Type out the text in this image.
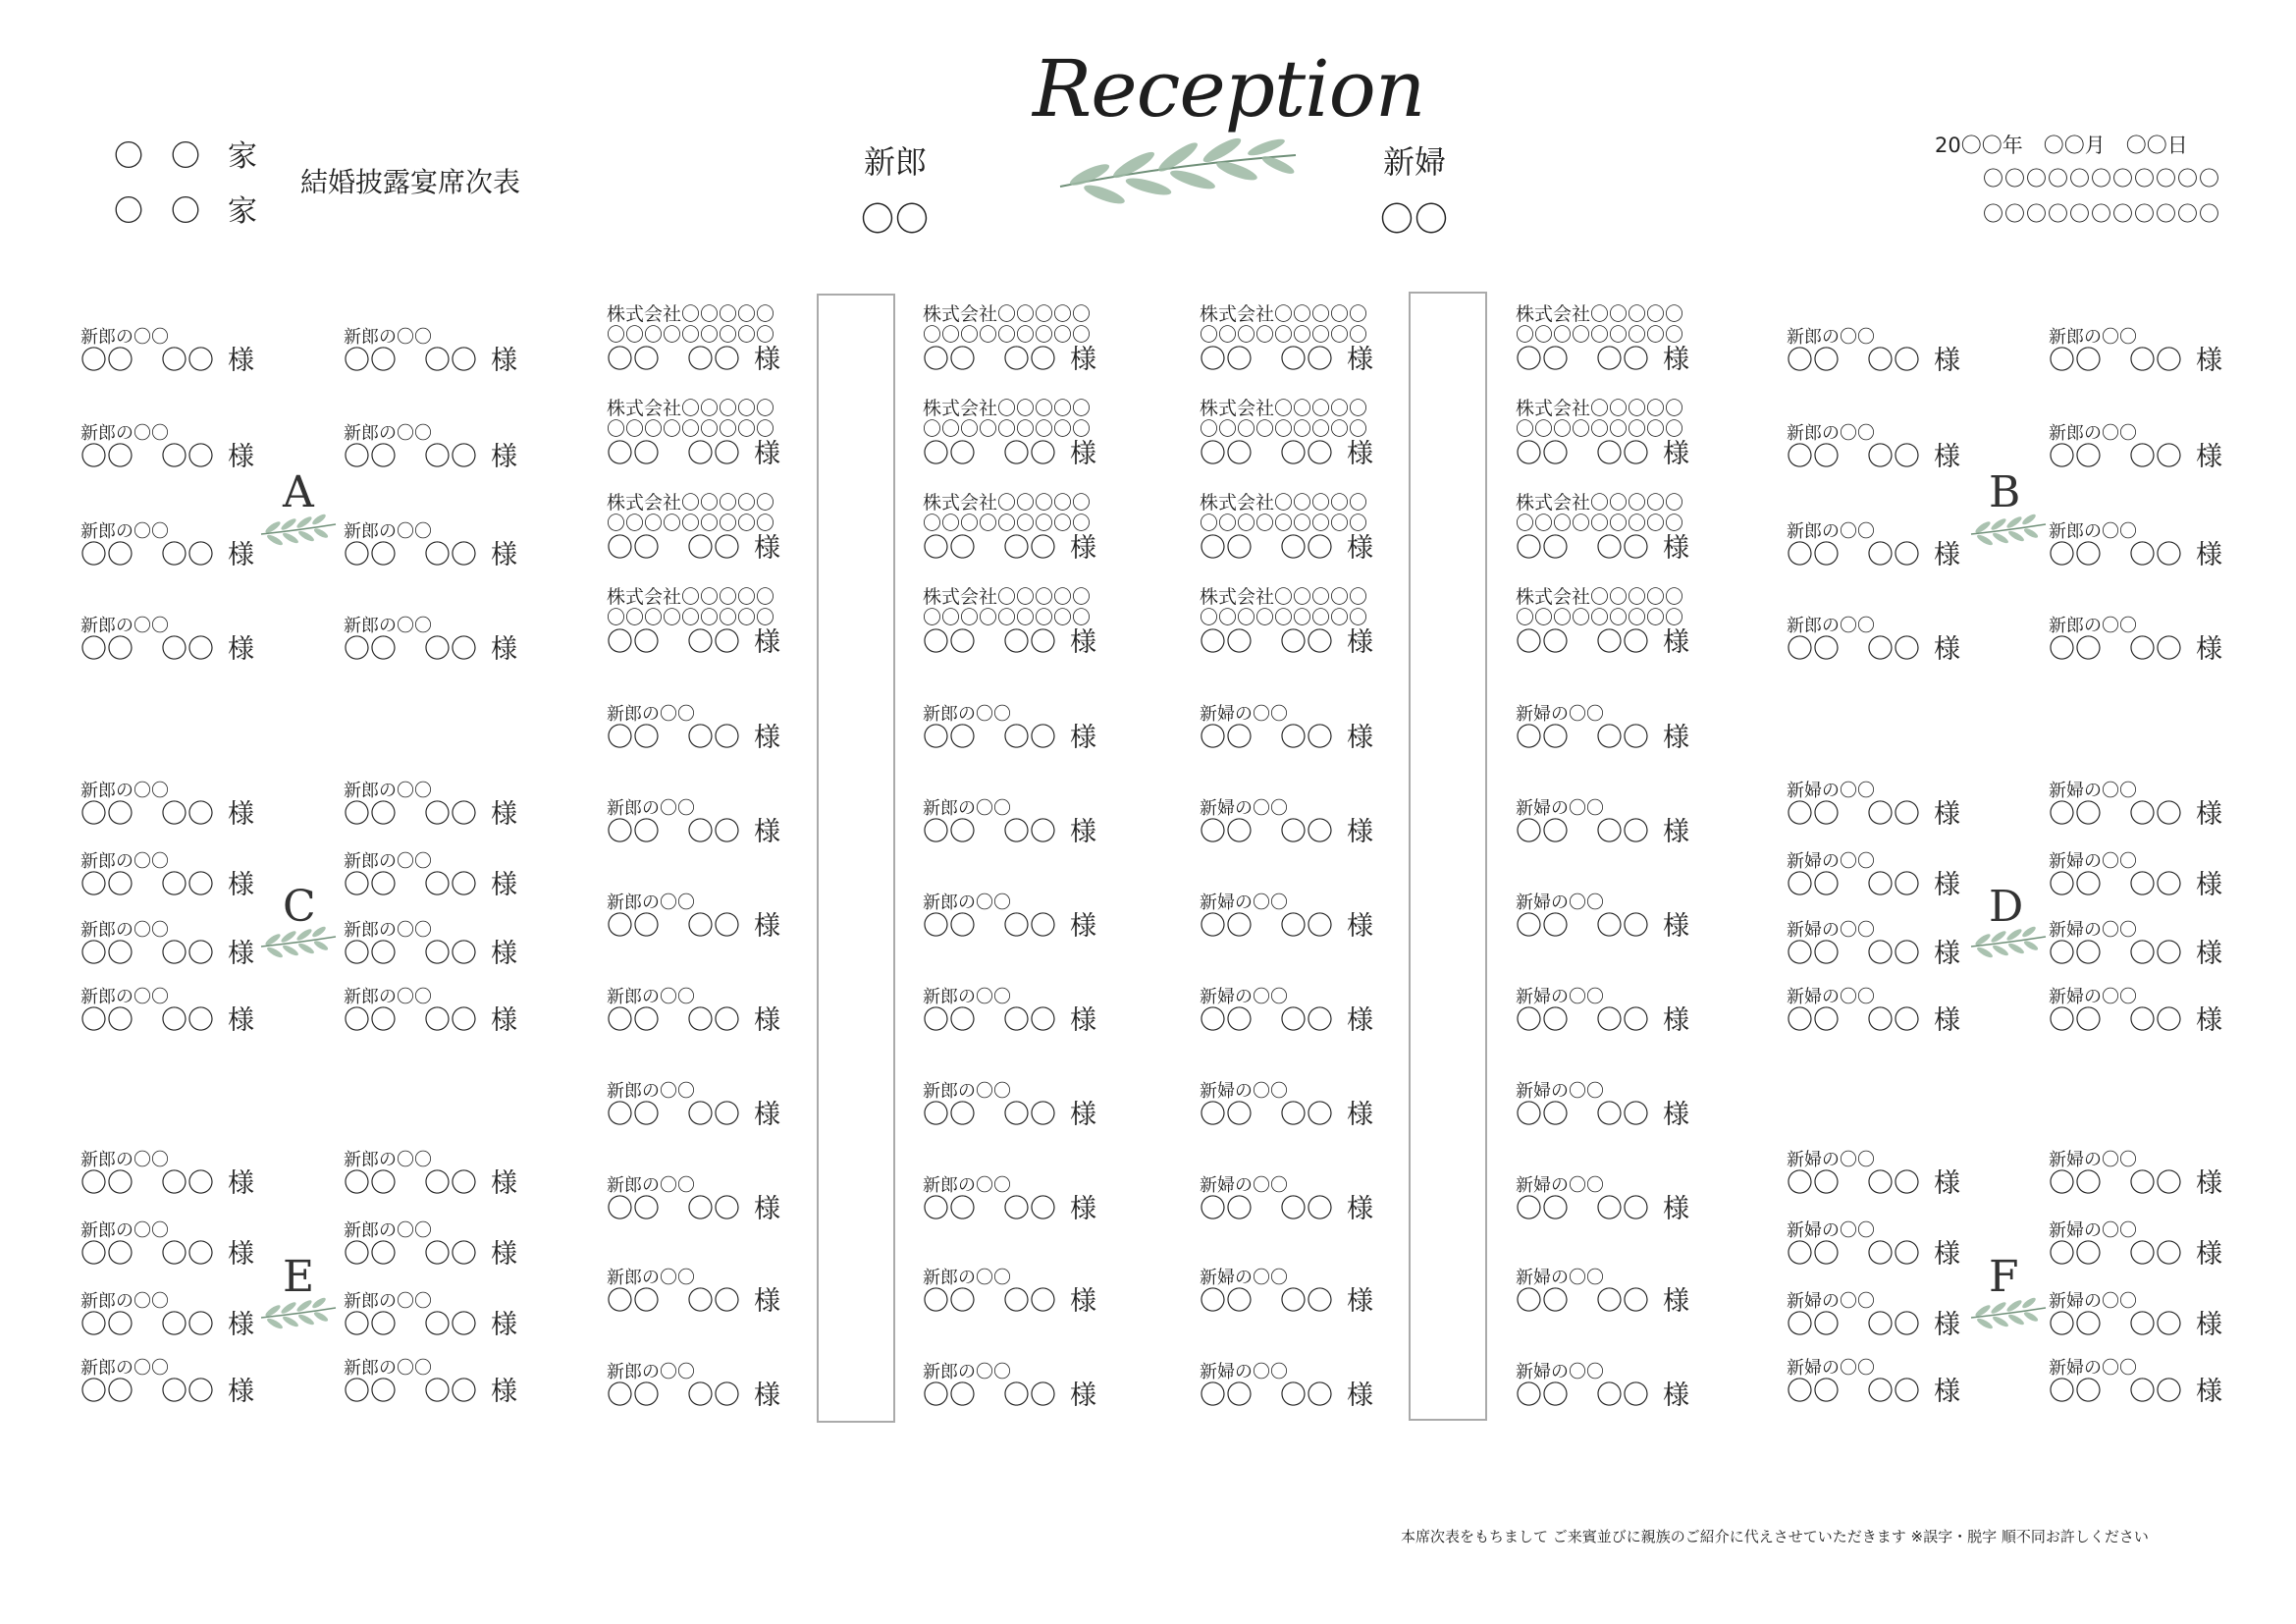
〇 〇 家
〇 〇 家
結婚披露宴席次表
新郎
〇〇
新婦
〇〇
Reception
20〇〇年　〇〇月　〇〇日
〇〇〇〇〇〇〇〇〇〇〇
〇〇〇〇〇〇〇〇〇〇〇
新郎の〇〇
〇〇 〇〇 様
新郎の〇〇
〇〇 〇〇 様
新郎の〇〇
〇〇 〇〇 様
新郎の〇〇
〇〇 〇〇 様
新郎の〇〇
〇〇 〇〇 様
新郎の〇〇
〇〇 〇〇 様
新郎の〇〇
〇〇 〇〇 様
新郎の〇〇
〇〇 〇〇 様
A
新郎の〇〇
〇〇 〇〇 様
新郎の〇〇
〇〇 〇〇 様
新郎の〇〇
〇〇 〇〇 様
新郎の〇〇
〇〇 〇〇 様
新郎の〇〇
〇〇 〇〇 様
新郎の〇〇
〇〇 〇〇 様
新郎の〇〇
〇〇 〇〇 様
新郎の〇〇
〇〇 〇〇 様
B
新郎の〇〇
〇〇 〇〇 様
新郎の〇〇
〇〇 〇〇 様
新郎の〇〇
〇〇 〇〇 様
新郎の〇〇
〇〇 〇〇 様
新郎の〇〇
〇〇 〇〇 様
新郎の〇〇
〇〇 〇〇 様
新郎の〇〇
〇〇 〇〇 様
新郎の〇〇
〇〇 〇〇 様
C
新婦の〇〇
〇〇 〇〇 様
新婦の〇〇
〇〇 〇〇 様
新婦の〇〇
〇〇 〇〇 様
新婦の〇〇
〇〇 〇〇 様
新婦の〇〇
〇〇 〇〇 様
新婦の〇〇
〇〇 〇〇 様
新婦の〇〇
〇〇 〇〇 様
新婦の〇〇
〇〇 〇〇 様
D
新郎の〇〇
〇〇 〇〇 様
新郎の〇〇
〇〇 〇〇 様
新郎の〇〇
〇〇 〇〇 様
新郎の〇〇
〇〇 〇〇 様
新郎の〇〇
〇〇 〇〇 様
新郎の〇〇
〇〇 〇〇 様
新郎の〇〇
〇〇 〇〇 様
新郎の〇〇
〇〇 〇〇 様
E
新婦の〇〇
〇〇 〇〇 様
新婦の〇〇
〇〇 〇〇 様
新婦の〇〇
〇〇 〇〇 様
新婦の〇〇
〇〇 〇〇 様
新婦の〇〇
〇〇 〇〇 様
新婦の〇〇
〇〇 〇〇 様
新婦の〇〇
〇〇 〇〇 様
新婦の〇〇
〇〇 〇〇 様
F
株式会社〇〇〇〇〇
〇〇〇〇〇〇〇〇〇
〇〇 〇〇 様
株式会社〇〇〇〇〇
〇〇〇〇〇〇〇〇〇
〇〇 〇〇 様
株式会社〇〇〇〇〇
〇〇〇〇〇〇〇〇〇
〇〇 〇〇 様
株式会社〇〇〇〇〇
〇〇〇〇〇〇〇〇〇
〇〇 〇〇 様
新郎の〇〇
〇〇 〇〇 様
新郎の〇〇
〇〇 〇〇 様
新郎の〇〇
〇〇 〇〇 様
新郎の〇〇
〇〇 〇〇 様
新郎の〇〇
〇〇 〇〇 様
新郎の〇〇
〇〇 〇〇 様
新郎の〇〇
〇〇 〇〇 様
新郎の〇〇
〇〇 〇〇 様
株式会社〇〇〇〇〇
〇〇〇〇〇〇〇〇〇
〇〇 〇〇 様
株式会社〇〇〇〇〇
〇〇〇〇〇〇〇〇〇
〇〇 〇〇 様
株式会社〇〇〇〇〇
〇〇〇〇〇〇〇〇〇
〇〇 〇〇 様
株式会社〇〇〇〇〇
〇〇〇〇〇〇〇〇〇
〇〇 〇〇 様
新郎の〇〇
〇〇 〇〇 様
新郎の〇〇
〇〇 〇〇 様
新郎の〇〇
〇〇 〇〇 様
新郎の〇〇
〇〇 〇〇 様
新郎の〇〇
〇〇 〇〇 様
新郎の〇〇
〇〇 〇〇 様
新郎の〇〇
〇〇 〇〇 様
新郎の〇〇
〇〇 〇〇 様
株式会社〇〇〇〇〇
〇〇〇〇〇〇〇〇〇
〇〇 〇〇 様
株式会社〇〇〇〇〇
〇〇〇〇〇〇〇〇〇
〇〇 〇〇 様
株式会社〇〇〇〇〇
〇〇〇〇〇〇〇〇〇
〇〇 〇〇 様
株式会社〇〇〇〇〇
〇〇〇〇〇〇〇〇〇
〇〇 〇〇 様
新婦の〇〇
〇〇 〇〇 様
新婦の〇〇
〇〇 〇〇 様
新婦の〇〇
〇〇 〇〇 様
新婦の〇〇
〇〇 〇〇 様
新婦の〇〇
〇〇 〇〇 様
新婦の〇〇
〇〇 〇〇 様
新婦の〇〇
〇〇 〇〇 様
新婦の〇〇
〇〇 〇〇 様
株式会社〇〇〇〇〇
〇〇〇〇〇〇〇〇〇
〇〇 〇〇 様
株式会社〇〇〇〇〇
〇〇〇〇〇〇〇〇〇
〇〇 〇〇 様
株式会社〇〇〇〇〇
〇〇〇〇〇〇〇〇〇
〇〇 〇〇 様
株式会社〇〇〇〇〇
〇〇〇〇〇〇〇〇〇
〇〇 〇〇 様
新婦の〇〇
〇〇 〇〇 様
新婦の〇〇
〇〇 〇〇 様
新婦の〇〇
〇〇 〇〇 様
新婦の〇〇
〇〇 〇〇 様
新婦の〇〇
〇〇 〇〇 様
新婦の〇〇
〇〇 〇〇 様
新婦の〇〇
〇〇 〇〇 様
新婦の〇〇
〇〇 〇〇 様
本席次表をもちまして ご来賓並びに親族のご紹介に代えさせていただきます ※誤字・脱字 順不同お許しください
